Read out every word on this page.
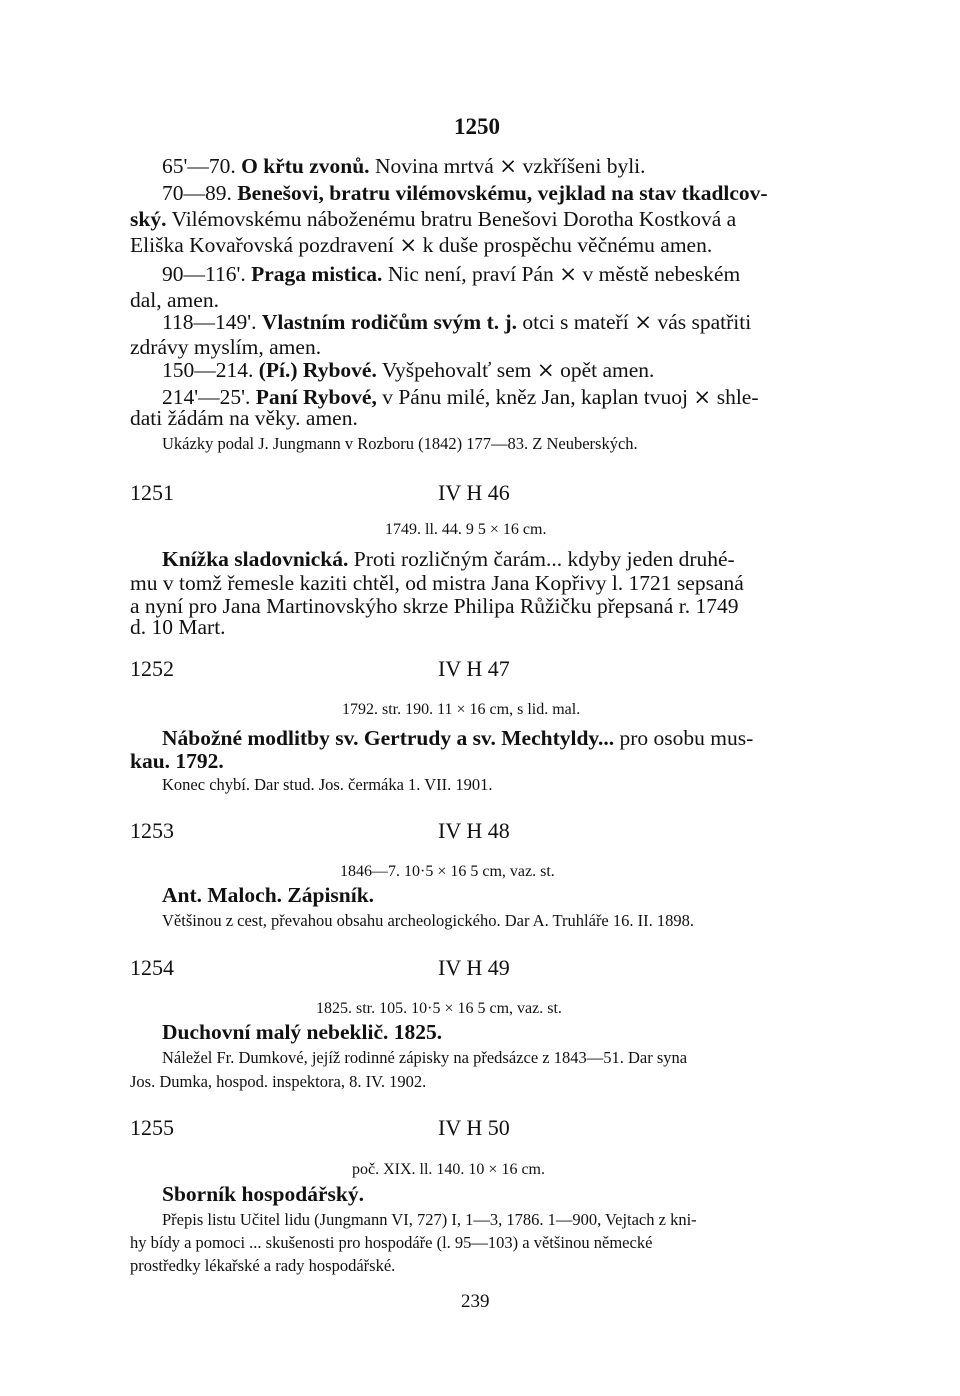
1250
65'—70. O křtu zvonů. Novina mrtvá ⨯ vzkříšeni byli.
70—89. Benešovi, bratru vilémovskému, vejklad na stav tkadlcov-
ský. Vilémovskému náboženému bratru Benešovi Dorotha Kostková a
Eliška Kovařovská pozdravení ⨯ k duše prospěchu věčnému amen.
90—116'. Praga mistica. Nic není, praví Pán ⨯ v městě nebeském
dal, amen.
118—149'. Vlastním rodičům svým t. j. otci s mateří ⨯ vás spatřiti
zdrávy myslím, amen.
150—214. (Pí.) Rybové. Vyšpehovalť sem ⨯ opět amen.
214'—25'. Paní Rybové, v Pánu milé, kněz Jan, kaplan tvuoj ⨯ shle-
dati žádám na věky. amen.
Ukázky podal J. Jungmann v Rozboru (1842) 177—83. Z Neuberských.
1251	IV H 46
1749. ll. 44. 9 5 × 16 cm.
Knížka sladovnická. Proti rozličným čarám... kdyby jeden druhé-
mu v tomž řemesle kaziti chtěl, od mistra Jana Kopřivy l. 1721 sepsaná
a nyní pro Jana Martinovskýho skrze Philipa Růžičku přepsaná r. 1749
d. 10 Mart.
1252	IV H 47
1792. str. 190. 11 × 16 cm, s lid. mal.
Nábožné modlitby sv. Gertrudy a sv. Mechtyldy... pro osobu mus-
kau. 1792.
Konec chybí. Dar stud. Jos. čermáka 1. VII. 1901.
1253	IV H 48
1846—7. 10·5 × 16 5 cm, vaz. st.
Ant. Maloch. Zápisník.
Většinou z cest, převahou obsahu archeologického. Dar A. Truhláře 16. II. 1898.
1254	IV H 49
1825. str. 105. 10·5 × 16 5 cm, vaz. st.
Duchovní malý nebeklič. 1825.
Náležel Fr. Dumkové, jejíž rodinné zápisky na předsázce z 1843—51. Dar syna
Jos. Dumka, hospod. inspektora, 8. IV. 1902.
1255	IV H 50
poč. XIX. ll. 140. 10 × 16 cm.
Sborník hospodářský.
Přepis listu Učitel lidu (Jungmann VI, 727) I, 1—3, 1786. 1—900, Vejtach z kni-
hy bídy a pomoci ... skušenosti pro hospodáře (l. 95—103) a většinou německé
prostředky lékařské a rady hospodářské.
239
